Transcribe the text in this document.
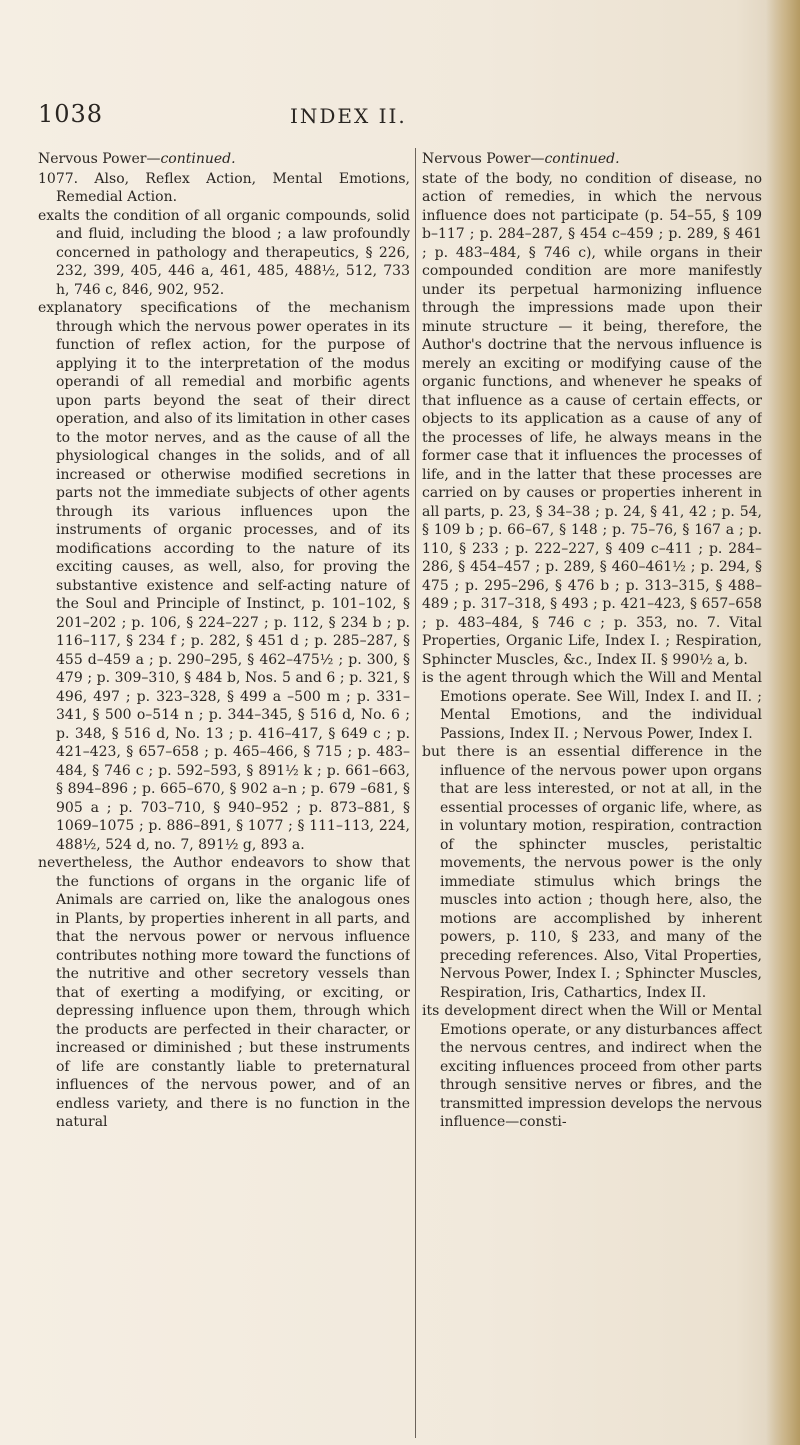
1038	INDEX II.

Nervous Power—continued.

1077. Also, Reflex Action, Mental Emotions, Remedial Action.

exalts the condition of all organic compounds, solid and fluid, including the blood ; a law profoundly concerned in pathology and therapeutics, § 226, 232, 399, 405, 446 a, 461, 485, 488½, 512, 733 h, 746 c, 846, 902, 952.

explanatory specifications of the mechanism through which the nervous power operates in its function of reflex action, for the purpose of applying it to the interpretation of the modus operandi of all remedial and morbific agents upon parts beyond the seat of their direct operation, and also of its limitation in other cases to the motor nerves, and as the cause of all the physiological changes in the solids, and of all increased or otherwise modified secretions in parts not the immediate subjects of other agents through its various influences upon the instruments of organic processes, and of its modifications according to the nature of its exciting causes, as well, also, for proving the substantive existence and self-acting nature of the Soul and Principle of Instinct, p. 101–102, § 201–202 ; p. 106, § 224–227 ; p. 112, § 234 b ; p. 116–117, § 234 f ; p. 282, § 451 d ; p. 285–287, § 455 d–459 a ; p. 290–295, § 462–475½ ; p. 300, § 479 ; p. 309–310, § 484 b, Nos. 5 and 6 ; p. 321, § 496, 497 ; p. 323–328, § 499 a –500 m ; p. 331–341, § 500 o–514 n ; p. 344–345, § 516 d, No. 6 ; p. 348, § 516 d, No. 13 ; p. 416–417, § 649 c ; p. 421–423, § 657–658 ; p. 465–466, § 715 ; p. 483–484, § 746 c ; p. 592–593, § 891½ k ; p. 661–663, § 894–896 ; p. 665–670, § 902 a–n ; p. 679 –681, § 905 a ; p. 703–710, § 940–952 ; p. 873–881, § 1069–1075 ; p. 886–891, § 1077 ; § 111–113, 224, 488½, 524 d, no. 7, 891½ g, 893 a.

nevertheless, the Author endeavors to show that the functions of organs in the organic life of Animals are carried on, like the analogous ones in Plants, by properties inherent in all parts, and that the nervous power or nervous influence contributes nothing more toward the functions of the nutritive and other secretory vessels than that of exerting a modifying, or exciting, or depressing influence upon them, through which the products are perfected in their character, or increased or diminished ; but these instruments of life are constantly liable to preternatural influences of the nervous power, and of an endless variety, and there is no function in the natural

Nervous Power—continued.

state of the body, no condition of disease, no action of remedies, in which the nervous influence does not participate (p. 54–55, § 109 b–117 ; p. 284–287, § 454 c–459 ; p. 289, § 461 ; p. 483–484, § 746 c), while organs in their compounded condition are more manifestly under its perpetual harmonizing influence through the impressions made upon their minute structure — it being, therefore, the Author's doctrine that the nervous influence is merely an exciting or modifying cause of the organic functions, and whenever he speaks of that influence as a cause of certain effects, or objects to its application as a cause of any of the processes of life, he always means in the former case that it influences the processes of life, and in the latter that these processes are carried on by causes or properties inherent in all parts, p. 23, § 34–38 ; p. 24, § 41, 42 ; p. 54, § 109 b ; p. 66–67, § 148 ; p. 75–76, § 167 a ; p. 110, § 233 ; p. 222–227, § 409 c–411 ; p. 284–286, § 454–457 ; p. 289, § 460–461½ ; p. 294, § 475 ; p. 295–296, § 476 b ; p. 313–315, § 488–489 ; p. 317–318, § 493 ; p. 421–423, § 657–658 ; p. 483–484, § 746 c ; p. 353, no. 7. Vital Properties, Organic Life, Index I. ; Respiration, Sphincter Muscles, &c., Index II. § 990½ a, b.

is the agent through which the Will and Mental Emotions operate. See Will, Index I. and II. ; Mental Emotions, and the individual Passions, Index II. ; Nervous Power, Index I.

but there is an essential difference in the influence of the nervous power upon organs that are less interested, or not at all, in the essential processes of organic life, where, as in voluntary motion, respiration, contraction of the sphincter muscles, peristaltic movements, the nervous power is the only immediate stimulus which brings the muscles into action ; though here, also, the motions are accomplished by inherent powers, p. 110, § 233, and many of the preceding references. Also, Vital Properties, Nervous Power, Index I. ; Sphincter Muscles, Respiration, Iris, Cathartics, Index II.

its development direct when the Will or Mental Emotions operate, or any disturbances affect the nervous centres, and indirect when the exciting influences proceed from other parts through sensitive nerves or fibres, and the transmitted impression develops the nervous influence—consti-
